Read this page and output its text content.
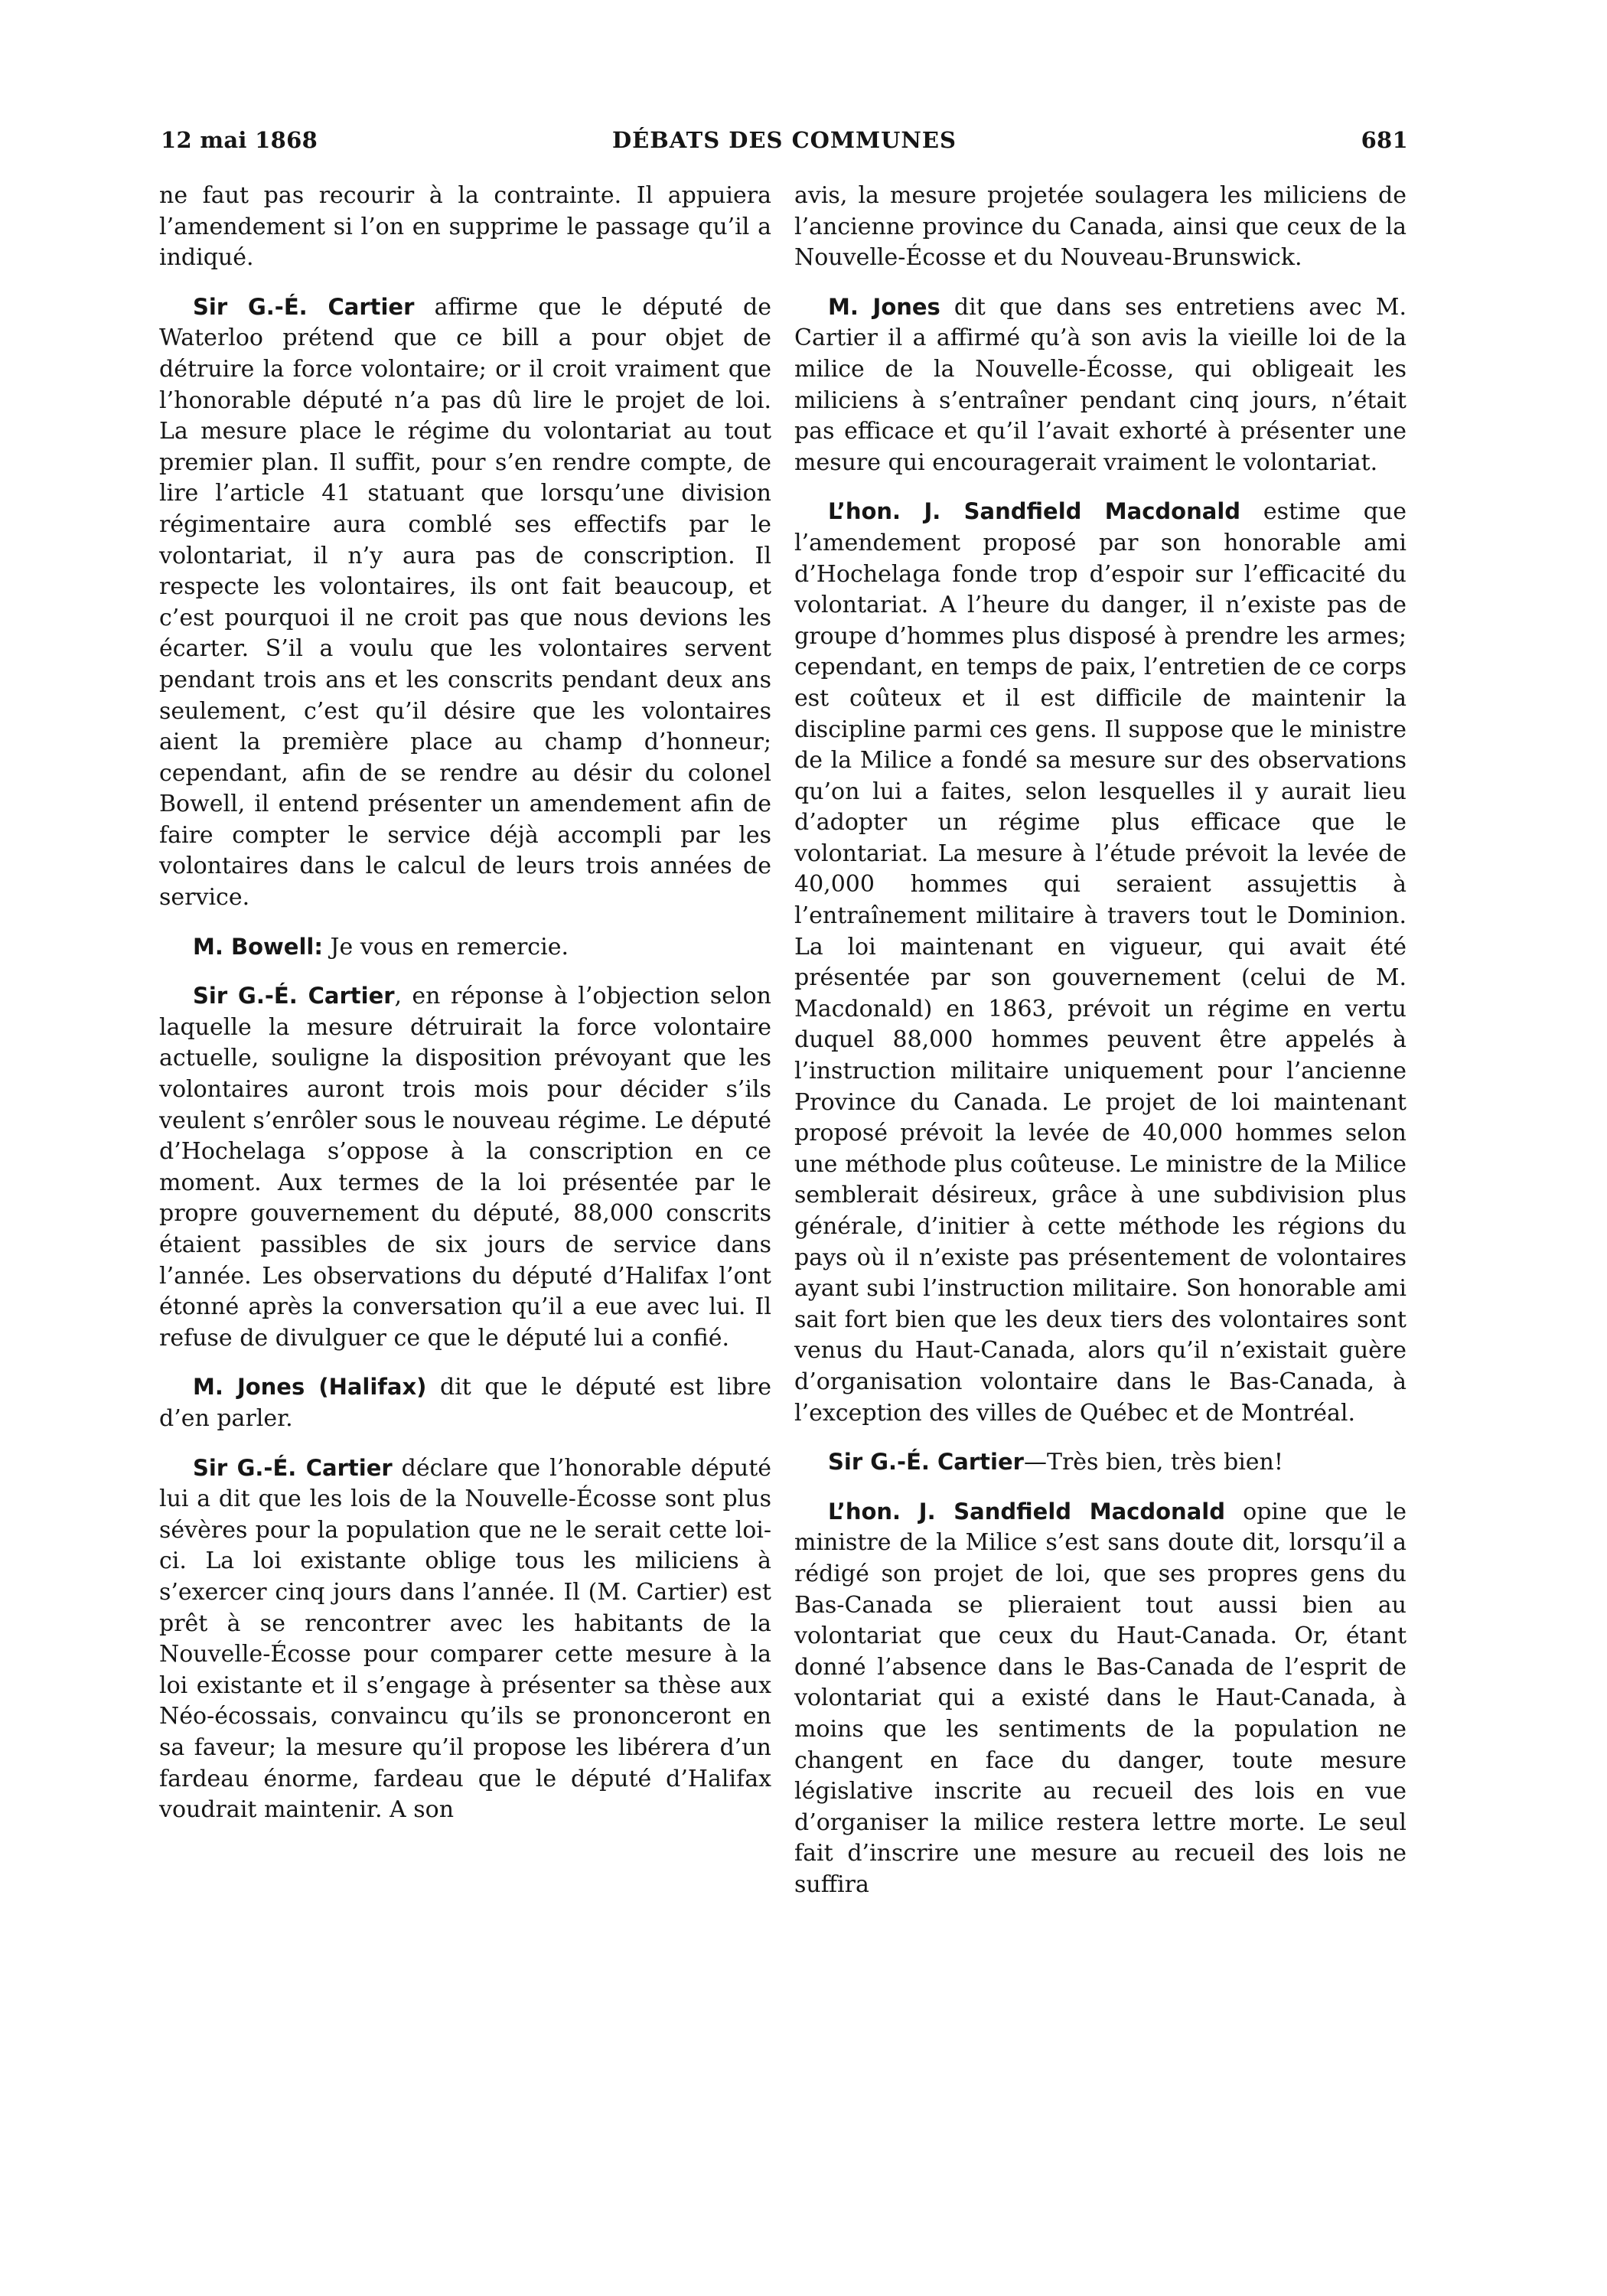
12 mai 1868	DÉBATS DES COMMUNES	681

ne faut pas recourir à la contrainte. Il appuiera l’amendement si l’on en supprime le passage qu’il a indiqué.

Sir G.-É. Cartier affirme que le député de Waterloo prétend que ce bill a pour objet de détruire la force volontaire; or il croit vraiment que l’honorable député n’a pas dû lire le projet de loi. La mesure place le régime du volontariat au tout premier plan. Il suffit, pour s’en rendre compte, de lire l’article 41 statuant que lorsqu’une division régimentaire aura comblé ses effectifs par le volontariat, il n’y aura pas de conscription. Il respecte les volontaires, ils ont fait beaucoup, et c’est pourquoi il ne croit pas que nous devions les écarter. S’il a voulu que les volontaires servent pendant trois ans et les conscrits pendant deux ans seulement, c’est qu’il désire que les volontaires aient la première place au champ d’honneur; cependant, afin de se rendre au désir du colonel Bowell, il entend présenter un amendement afin de faire compter le service déjà accompli par les volontaires dans le calcul de leurs trois années de service.

M. Bowell: Je vous en remercie.

Sir G.-É. Cartier, en réponse à l’objection selon laquelle la mesure détruirait la force volontaire actuelle, souligne la disposition prévoyant que les volontaires auront trois mois pour décider s’ils veulent s’enrôler sous le nouveau régime. Le député d’Hochelaga s’oppose à la conscription en ce moment. Aux termes de la loi présentée par le propre gouvernement du député, 88,000 conscrits étaient passibles de six jours de service dans l’année. Les observations du député d’Halifax l’ont étonné après la conversation qu’il a eue avec lui. Il refuse de divulguer ce que le député lui a confié.

M. Jones (Halifax) dit que le député est libre d’en parler.

Sir G.-É. Cartier déclare que l’honorable député lui a dit que les lois de la Nouvelle-Écosse sont plus sévères pour la population que ne le serait cette loi-ci. La loi existante oblige tous les miliciens à s’exercer cinq jours dans l’année. Il (M. Cartier) est prêt à se rencontrer avec les habitants de la Nouvelle-Écosse pour comparer cette mesure à la loi existante et il s’engage à présenter sa thèse aux Néo-écossais, convaincu qu’ils se prononceront en sa faveur; la mesure qu’il propose les libérera d’un fardeau énorme, fardeau que le député d’Halifax voudrait maintenir. A son

avis, la mesure projetée soulagera les miliciens de l’ancienne province du Canada, ainsi que ceux de la Nouvelle-Écosse et du Nouveau-Brunswick.

M. Jones dit que dans ses entretiens avec M. Cartier il a affirmé qu’à son avis la vieille loi de la milice de la Nouvelle-Écosse, qui obligeait les miliciens à s’entraîner pendant cinq jours, n’était pas efficace et qu’il l’avait exhorté à présenter une mesure qui encouragerait vraiment le volontariat.

L’hon. J. Sandfield Macdonald estime que l’amendement proposé par son honorable ami d’Hochelaga fonde trop d’espoir sur l’efficacité du volontariat. A l’heure du danger, il n’existe pas de groupe d’hommes plus disposé à prendre les armes; cependant, en temps de paix, l’entretien de ce corps est coûteux et il est difficile de maintenir la discipline parmi ces gens. Il suppose que le ministre de la Milice a fondé sa mesure sur des observations qu’on lui a faites, selon lesquelles il y aurait lieu d’adopter un régime plus efficace que le volontariat. La mesure à l’étude prévoit la levée de 40,000 hommes qui seraient assujettis à l’entraînement militaire à travers tout le Dominion. La loi maintenant en vigueur, qui avait été présentée par son gouvernement (celui de M. Macdonald) en 1863, prévoit un régime en vertu duquel 88,000 hommes peuvent être appelés à l’instruction militaire uniquement pour l’ancienne Province du Canada. Le projet de loi maintenant proposé prévoit la levée de 40,000 hommes selon une méthode plus coûteuse. Le ministre de la Milice semblerait désireux, grâce à une subdivision plus générale, d’initier à cette méthode les régions du pays où il n’existe pas présentement de volontaires ayant subi l’instruction militaire. Son honorable ami sait fort bien que les deux tiers des volontaires sont venus du Haut-Canada, alors qu’il n’existait guère d’organisation volontaire dans le Bas-Canada, à l’exception des villes de Québec et de Montréal.

Sir G.-É. Cartier—Très bien, très bien!

L’hon. J. Sandfield Macdonald opine que le ministre de la Milice s’est sans doute dit, lorsqu’il a rédigé son projet de loi, que ses propres gens du Bas-Canada se plieraient tout aussi bien au volontariat que ceux du Haut-Canada. Or, étant donné l’absence dans le Bas-Canada de l’esprit de volontariat qui a existé dans le Haut-Canada, à moins que les sentiments de la population ne changent en face du danger, toute mesure législative inscrite au recueil des lois en vue d’organiser la milice restera lettre morte. Le seul fait d’inscrire une mesure au recueil des lois ne suffira
